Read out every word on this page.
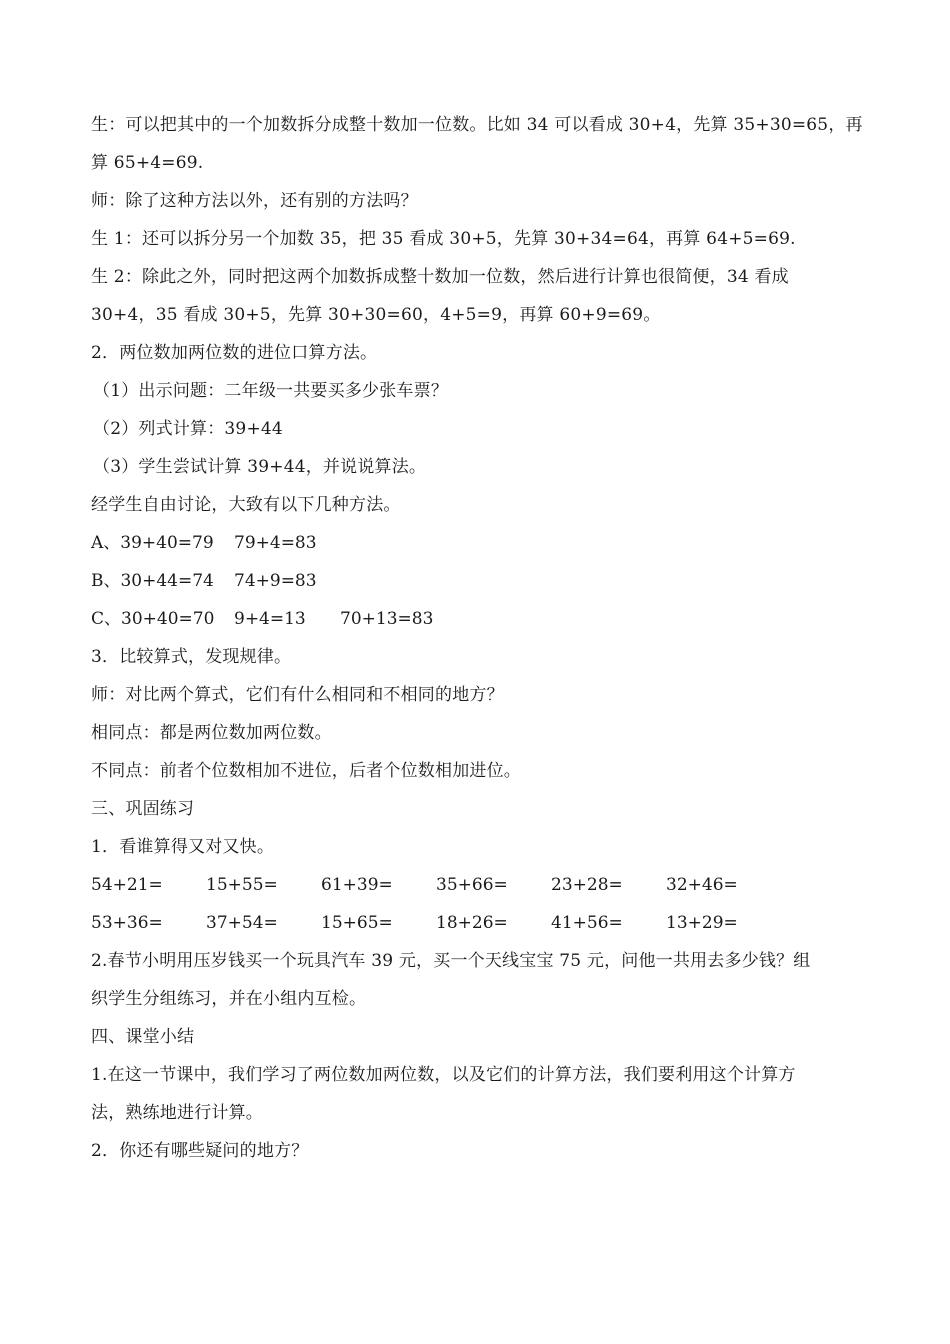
生：可以把其中的一个加数拆分成整十数加一位数。比如 34 可以看成 30+4，先算 35+30=65，再
算 65+4=69.
师：除了这种方法以外，还有别的方法吗？
生 1：还可以拆分另一个加数 35，把 35 看成 30+5，先算 30+34=64，再算 64+5=69.
生 2：除此之外，同时把这两个加数拆成整十数加一位数，然后进行计算也很简便，34 看成
30+4，35 看成 30+5，先算 30+30=60，4+5=9，再算 60+9=69。
2．两位数加两位数的进位口算方法。
（1）出示问题：二年级一共要买多少张车票？
（2）列式计算：39+44
（3）学生尝试计算 39+44，并说说算法。
经学生自由讨论，大致有以下几种方法。
A、39+40=79	79+4=83
B、30+44=74	74+9=83
C、30+40=70	9+4=13	70+13=83
3．比较算式，发现规律。
师：对比两个算式，它们有什么相同和不相同的地方？
相同点：都是两位数加两位数。
不同点：前者个位数相加不进位，后者个位数相加进位。
三、巩固练习
1．看谁算得又对又快。
54+21=	15+55=	61+39=	35+66=	23+28=	32+46=
53+36=	37+54=	15+65=	18+26=	41+56=	13+29=
2.春节小明用压岁钱买一个玩具汽车 39 元，买一个天线宝宝 75 元，问他一共用去多少钱？组
织学生分组练习，并在小组内互检。
四、课堂小结
1.在这一节课中，我们学习了两位数加两位数，以及它们的计算方法，我们要利用这个计算方
法，熟练地进行计算。
2．你还有哪些疑问的地方？
